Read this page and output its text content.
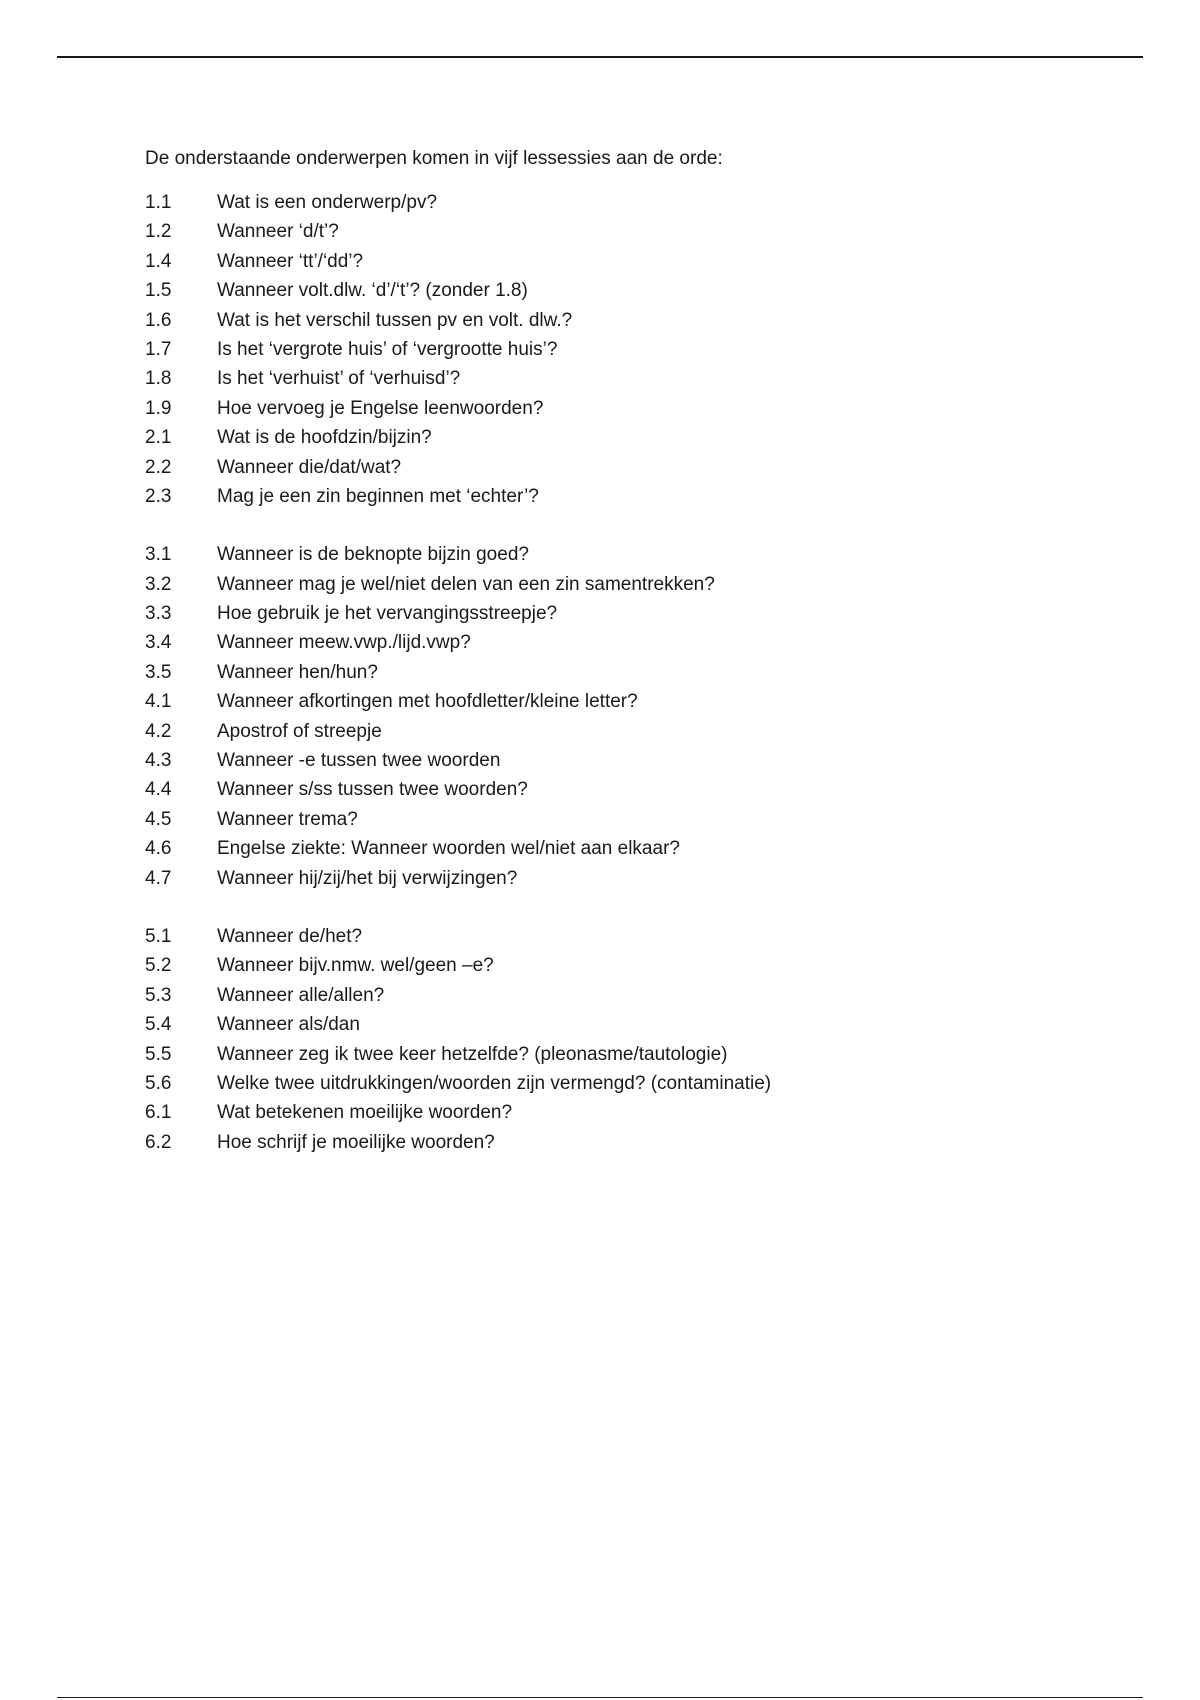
De onderstaande onderwerpen komen in vijf lessessies aan de orde:

1.1	Wat is een onderwerp/pv?
1.2	Wanneer ‘d/t’?
1.4	Wanneer ‘tt’/‘dd’?
1.5	Wanneer volt.dlw. ‘d’/‘t’? (zonder 1.8)
1.6	Wat is het verschil tussen pv en volt. dlw.?
1.7	Is het ‘vergrote huis’ of ‘vergrootte huis’?
1.8	Is het ‘verhuist’ of ‘verhuisd’?
1.9	Hoe vervoeg je Engelse leenwoorden?
2.1	Wat is de hoofdzin/bijzin?
2.2	Wanneer die/dat/wat?
2.3	Mag je een zin beginnen met ‘echter’?
3.1	Wanneer is de beknopte bijzin goed?
3.2	Wanneer mag je wel/niet delen van een zin samentrekken?
3.3	Hoe gebruik je het vervangingsstreepje?
3.4	Wanneer meew.vwp./lijd.vwp?
3.5	Wanneer hen/hun?
4.1	Wanneer afkortingen met hoofdletter/kleine letter?
4.2	Apostrof of streepje
4.3	Wanneer -e tussen twee woorden
4.4	Wanneer s/ss tussen twee woorden?
4.5	Wanneer trema?
4.6	Engelse ziekte: Wanneer woorden wel/niet aan elkaar?
4.7	Wanneer hij/zij/het bij verwijzingen?
5.1	Wanneer de/het?
5.2	Wanneer bijv.nmw. wel/geen –e?
5.3	Wanneer alle/allen?
5.4	Wanneer als/dan
5.5	Wanneer zeg ik twee keer hetzelfde? (pleonasme/tautologie)
5.6	Welke twee uitdrukkingen/woorden zijn vermengd? (contaminatie)
6.1	Wat betekenen moeilijke woorden?
6.2	Hoe schrijf je moeilijke woorden?
